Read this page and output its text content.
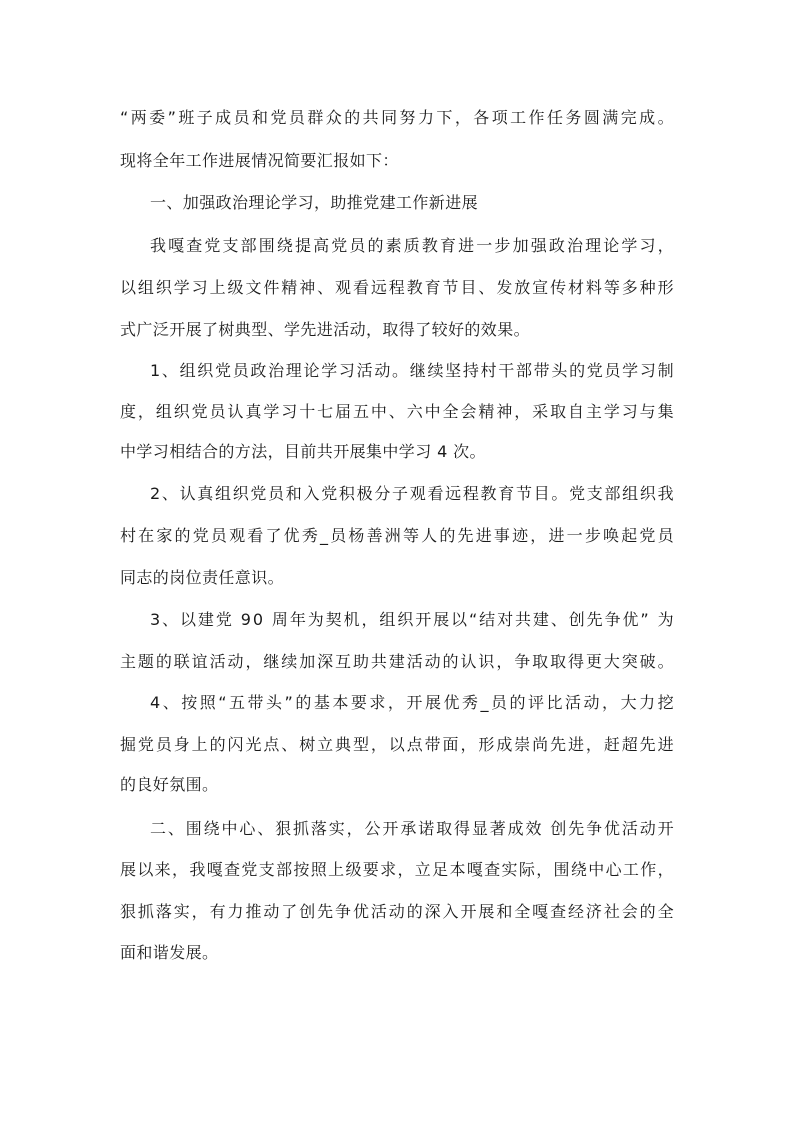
“两委”班子成员和党员群众的共同努力下，各项工作任务圆满完成。
现将全年工作进展情况简要汇报如下：
一、加强政治理论学习，助推党建工作新进展
我嘎查党支部围绕提高党员的素质教育进一步加强政治理论学习，
以组织学习上级文件精神、观看远程教育节目、发放宣传材料等多种形
式广泛开展了树典型、学先进活动，取得了较好的效果。
1、组织党员政治理论学习活动。继续坚持村干部带头的党员学习制
度，组织党员认真学习十七届五中、六中全会精神，采取自主学习与集
中学习相结合的方法，目前共开展集中学习 4 次。
2、认真组织党员和入党积极分子观看远程教育节目。党支部组织我
村在家的党员观看了优秀_员杨善洲等人的先进事迹，进一步唤起党员
同志的岗位责任意识。
3、以建党 90 周年为契机，组织开展以“结对共建、创先争优” 为
主题的联谊活动，继续加深互助共建活动的认识，争取取得更大突破。
4、按照“五带头”的基本要求，开展优秀_员的评比活动，大力挖
掘党员身上的闪光点、树立典型，以点带面，形成崇尚先进，赶超先进
的良好氛围。
二、围绕中心、狠抓落实，公开承诺取得显著成效 创先争优活动开
展以来，我嘎查党支部按照上级要求，立足本嘎查实际，围绕中心工作，
狠抓落实，有力推动了创先争优活动的深入开展和全嘎查经济社会的全
面和谐发展。
